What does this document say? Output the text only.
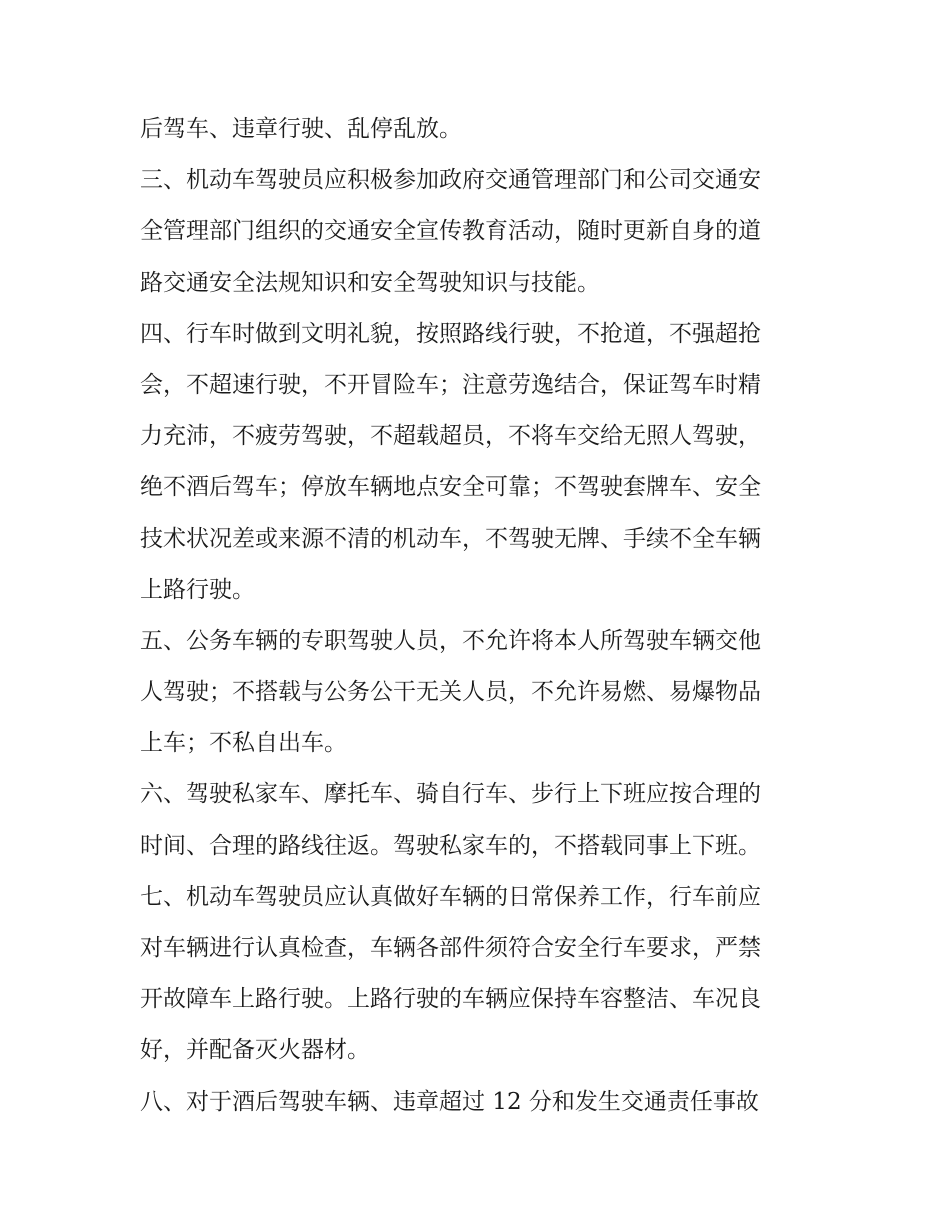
后驾车、违章行驶、乱停乱放。
三、机动车驾驶员应积极参加政府交通管理部门和公司交通安
全管理部门组织的交通安全宣传教育活动，随时更新自身的道
路交通安全法规知识和安全驾驶知识与技能。
四、行车时做到文明礼貌，按照路线行驶，不抢道，不强超抢
会，不超速行驶，不开冒险车；注意劳逸结合，保证驾车时精
力充沛，不疲劳驾驶，不超载超员，不将车交给无照人驾驶，
绝不酒后驾车；停放车辆地点安全可靠；不驾驶套牌车、安全
技术状况差或来源不清的机动车，不驾驶无牌、手续不全车辆
上路行驶。
五、公务车辆的专职驾驶人员，不允许将本人所驾驶车辆交他
人驾驶；不搭载与公务公干无关人员，不允许易燃、易爆物品
上车；不私自出车。
六、驾驶私家车、摩托车、骑自行车、步行上下班应按合理的
时间、合理的路线往返。驾驶私家车的，不搭载同事上下班。
七、机动车驾驶员应认真做好车辆的日常保养工作，行车前应
对车辆进行认真检查，车辆各部件须符合安全行车要求，严禁
开故障车上路行驶。上路行驶的车辆应保持车容整洁、车况良
好，并配备灭火器材。
八、对于酒后驾驶车辆、违章超过 12 分和发生交通责任事故
